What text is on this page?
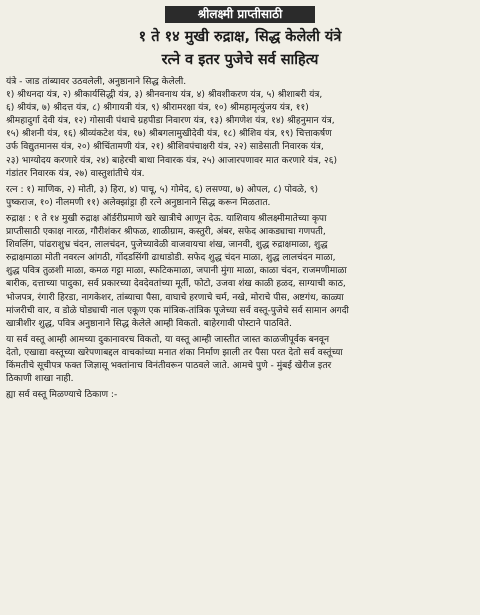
श्रीलक्ष्मी प्राप्तीसाठी
१ ते १४ मुखी रुद्राक्ष, सिद्ध केलेली यंत्रे
रत्ने व इतर पुजेचे सर्व साहित्य
यंत्रे - जाड तांब्यावर उठवलेली, अनुष्ठानाने सिद्ध केलेली.
१) श्रीधनदा यंत्र, २) श्रीकार्यसिद्धी यंत्र, ३) श्रीनवनाथ यंत्र, ४) श्रीवशीकरण यंत्र, ५) श्रीशाबरी यंत्र,
६) श्रीयंत्र, ७) श्रीदत्त यंत्र, ८) श्रीगायत्री यंत्र, ९) श्रीरामरक्षा यंत्र, १०) श्रीमहामृत्युंजय यंत्र, ११)
श्रीमहादुर्गा देवी यंत्र, १२) गोसावी पंथाचे ग्रहपीडा निवारण यंत्र, १३) श्रीगणेश यंत्र, १४) श्रीहनुमान यंत्र,
१५) श्रीशनी यंत्र, १६) श्रीव्यंकटेश यंत्र, १७) श्रीबगलामुखीदेवी यंत्र, १८) श्रीशिव यंत्र, १९) चित्ताकर्षण
उर्फ विद्युतमानस यंत्र, २०) श्रीचिंतामणी यंत्र, २१) श्रीशिवपंचाक्षरी यंत्र, २२) साडेसाती निवारक यंत्र,
२३) भाग्योदय करणारे यंत्र, २४) बाहेरची बाधा निवारक यंत्र, २५) आजारपणावर मात करणारे यंत्र, २६)
गंडांतर निवारक यंत्र, २७) वास्तुशांतीचे यंत्र.
रत्न : १) माणिक, २) मोती, ३) हिरा, ४) पाचू, ५) गोमेद, ६) लसण्या, ७) ओपल, ८) पोवळे, ९)
पुष्कराज, १०) नीलमणी ११) अलेक्झांड्रा ही रत्ने अनुष्ठानाने सिद्ध करून मिळतात.
रुद्राक्ष : १ ते १४ मुखी रुद्राक्ष ऑर्डरीप्रमाणे खरे खात्रीचे आणून देऊ. याशिवाय श्रीलक्ष्मीमातेच्या कृपा
प्राप्तीसाठी एकाक्ष नारळ, गौरीशंकर श्रीफळ, शाळीग्राम, कस्तुरी, अंबर, सफेद आकड्याचा गणपती,
शिवलिंग, पांढराशुभ्र चंदन, लालचंदन, पुजेच्यावेळी वाजवायचा शंख, जानवी, शुद्ध रुद्राक्षमाळा, शुद्ध
रुद्राक्षमाळा मोती नवरत्न आंगठी, गोंदडसिंगी ढाधाडोडी. सफेद शुद्ध चंदन माळा, शुद्ध लालचंदन माळा,
शुद्ध पवित्र तुळशी माळा, कमळ गट्टा माळा, स्फटिकमाळा, जपानी मुंगा माळा, काळा चंदन, राजमणीमाळा
बारीक, दत्ताच्या पादुका, सर्व प्रकारच्या देवदेवतांच्या मूर्ती, फोटो, उजवा शंख काळी हळद, साग्याची काठ,
भोजपत्र, रंगारी हिरडा, नागकेशर, तांब्याचा पैसा, वाघाचे हरणाचे चर्म, नखे, मोराचे पीस, अष्टगंध, काळ्या
मांजरीची वार, व डोळे घोड्याची नाल एकूण एक मांत्रिक-तांत्रिक पूजेच्या सर्व वस्तू-पुजेचे सर्व सामान अगदी
खात्रीशीर शुद्ध, पवित्र अनुष्ठानाने सिद्ध केलेले आम्ही विकतो. बाहेरगावी पोस्टाने पाठविते.
या सर्व वस्तू आम्ही आमच्या दुकानावरच विकतो, या वस्तू आम्ही जास्तीत जास्त काळजीपूर्वक बनवून
देतो, एखाद्या वस्तूच्या खरेपणाबद्दल वाचकांच्या मनात शंका निर्माण झाली तर पैसा परत देतो सर्व वस्तूंच्या
किंमतीचे सूचीपत्र फक्त जिज्ञासू भक्तांनाच विनंतीवरून पाठवले जाते. आमचे पुणे - मुंबई खेरीज इतर
ठिकाणी शाखा नाही.
ह्या सर्व वस्तू मिळण्याचे ठिकाण :-
